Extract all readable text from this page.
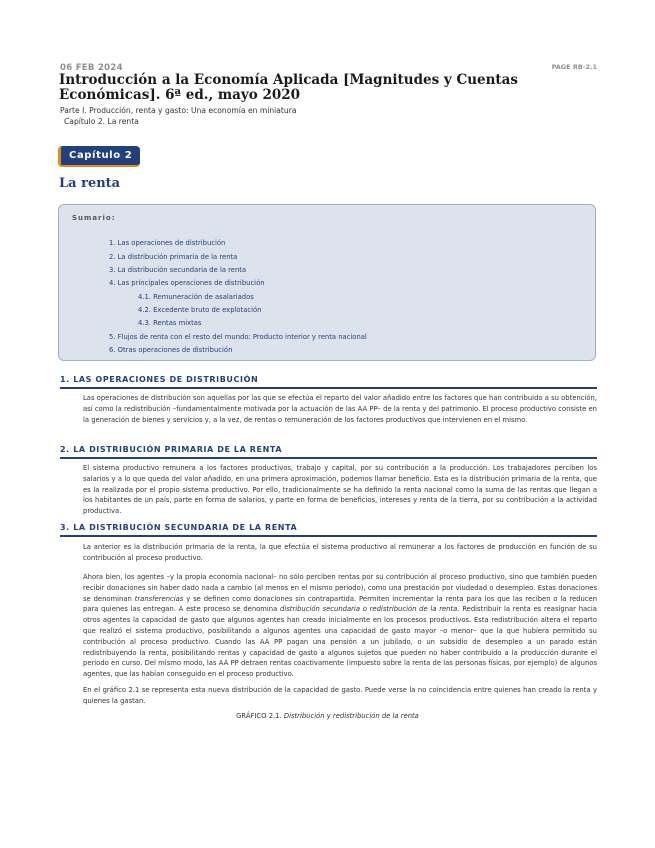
06 FEB 2024	PAGE RB-2.1
Introducción a la Economía Aplicada [Magnitudes y Cuentas Económicas]. 6ª ed., mayo 2020
Parte I. Producción, renta y gasto: Una economía en miniatura
Capítulo 2. La renta
Capítulo 2
La renta
Sumario:
1. Las operaciones de distribución
2. La distribución primaria de la renta
3. La distribución secundaria de la renta
4. Las principales operaciones de distribución
4.1. Remuneración de asalariados
4.2. Excedente bruto de explotación
4.3. Rentas mixtas
5. Flujos de renta con el resto del mundo: Producto interior y renta nacional
6. Otras operaciones de distribución
1. LAS OPERACIONES DE DISTRIBUCIÓN
Las operaciones de distribución son aquellas por las que se efectúa el reparto del valor añadido entre los factores que han contribuido a su obtención, así como la redistribución –fundamentalmente motivada por la actuación de las AA PP– de la renta y del patrimonio. El proceso productivo consiste en la generación de bienes y servicios y, a la vez, de rentas o remuneración de los factores productivos que intervienen en el mismo.
2. LA DISTRIBUCIÓN PRIMARIA DE LA RENTA
El sistema productivo remunera a los factores productivos, trabajo y capital, por su contribución a la producción. Los trabajadores perciben los salarios y a lo que queda del valor añadido, en una primera aproximación, podemos llamar beneficio. Esta es la distribución primaria de la renta, que es la realizada por el propio sistema productivo. Por ello, tradicionalmente se ha definido la renta nacional como la suma de las rentas que llegan a los habitantes de un país, parte en forma de salarios, y parte en forma de beneficios, intereses y renta de la tierra, por su contribución a la actividad productiva.
3. LA DISTRIBUCIÓN SECUNDARIA DE LA RENTA
La anterior es la distribución primaria de la renta, la que efectúa el sistema productivo al remunerar a los factores de producción en función de su contribución al proceso productivo.
Ahora bien, los agentes –y la propia economía nacional– no sólo perciben rentas por su contribución al proceso productivo, sino que también pueden recibir donaciones sin haber dado nada a cambio (al menos en el mismo periodo), como una prestación por viudedad o desempleo. Estas donaciones se denominan transferencias y se definen como donaciones sin contrapartida. Permiten incrementar la renta para los que las reciben o la reducen para quienes las entregan. A este proceso se denomina distribución secundaria o redistribución de la renta. Redistribuir la renta es reasignar hacia otros agentes la capacidad de gasto que algunos agentes han creado inicialmente en los procesos productivos. Esta redistribución altera el reparto que realizó el sistema productivo, posibilitando a algunos agentes una capacidad de gasto mayor –o menor– que la que hubiera permitido su contribución al proceso productivo. Cuando las AA PP pagan una pensión a un jubilado, o un subsidio de desempleo a un parado están redistribuyendo la renta, posibilitando rentas y capacidad de gasto a algunos sujetos que pueden no haber contribuido a la producción durante el periodo en curso. Del mismo modo, las AA PP detraen rentas coactivamente (impuesto sobre la renta de las personas físicas, por ejemplo) de algunos agentes, que las habían conseguido en el proceso productivo.
En el gráfico 2.1 se representa esta nueva distribución de la capacidad de gasto. Puede verse la no coincidencia entre quienes han creado la renta y quienes la gastan.
GRÁFICO 2.1. Distribución y redistribución de la renta
